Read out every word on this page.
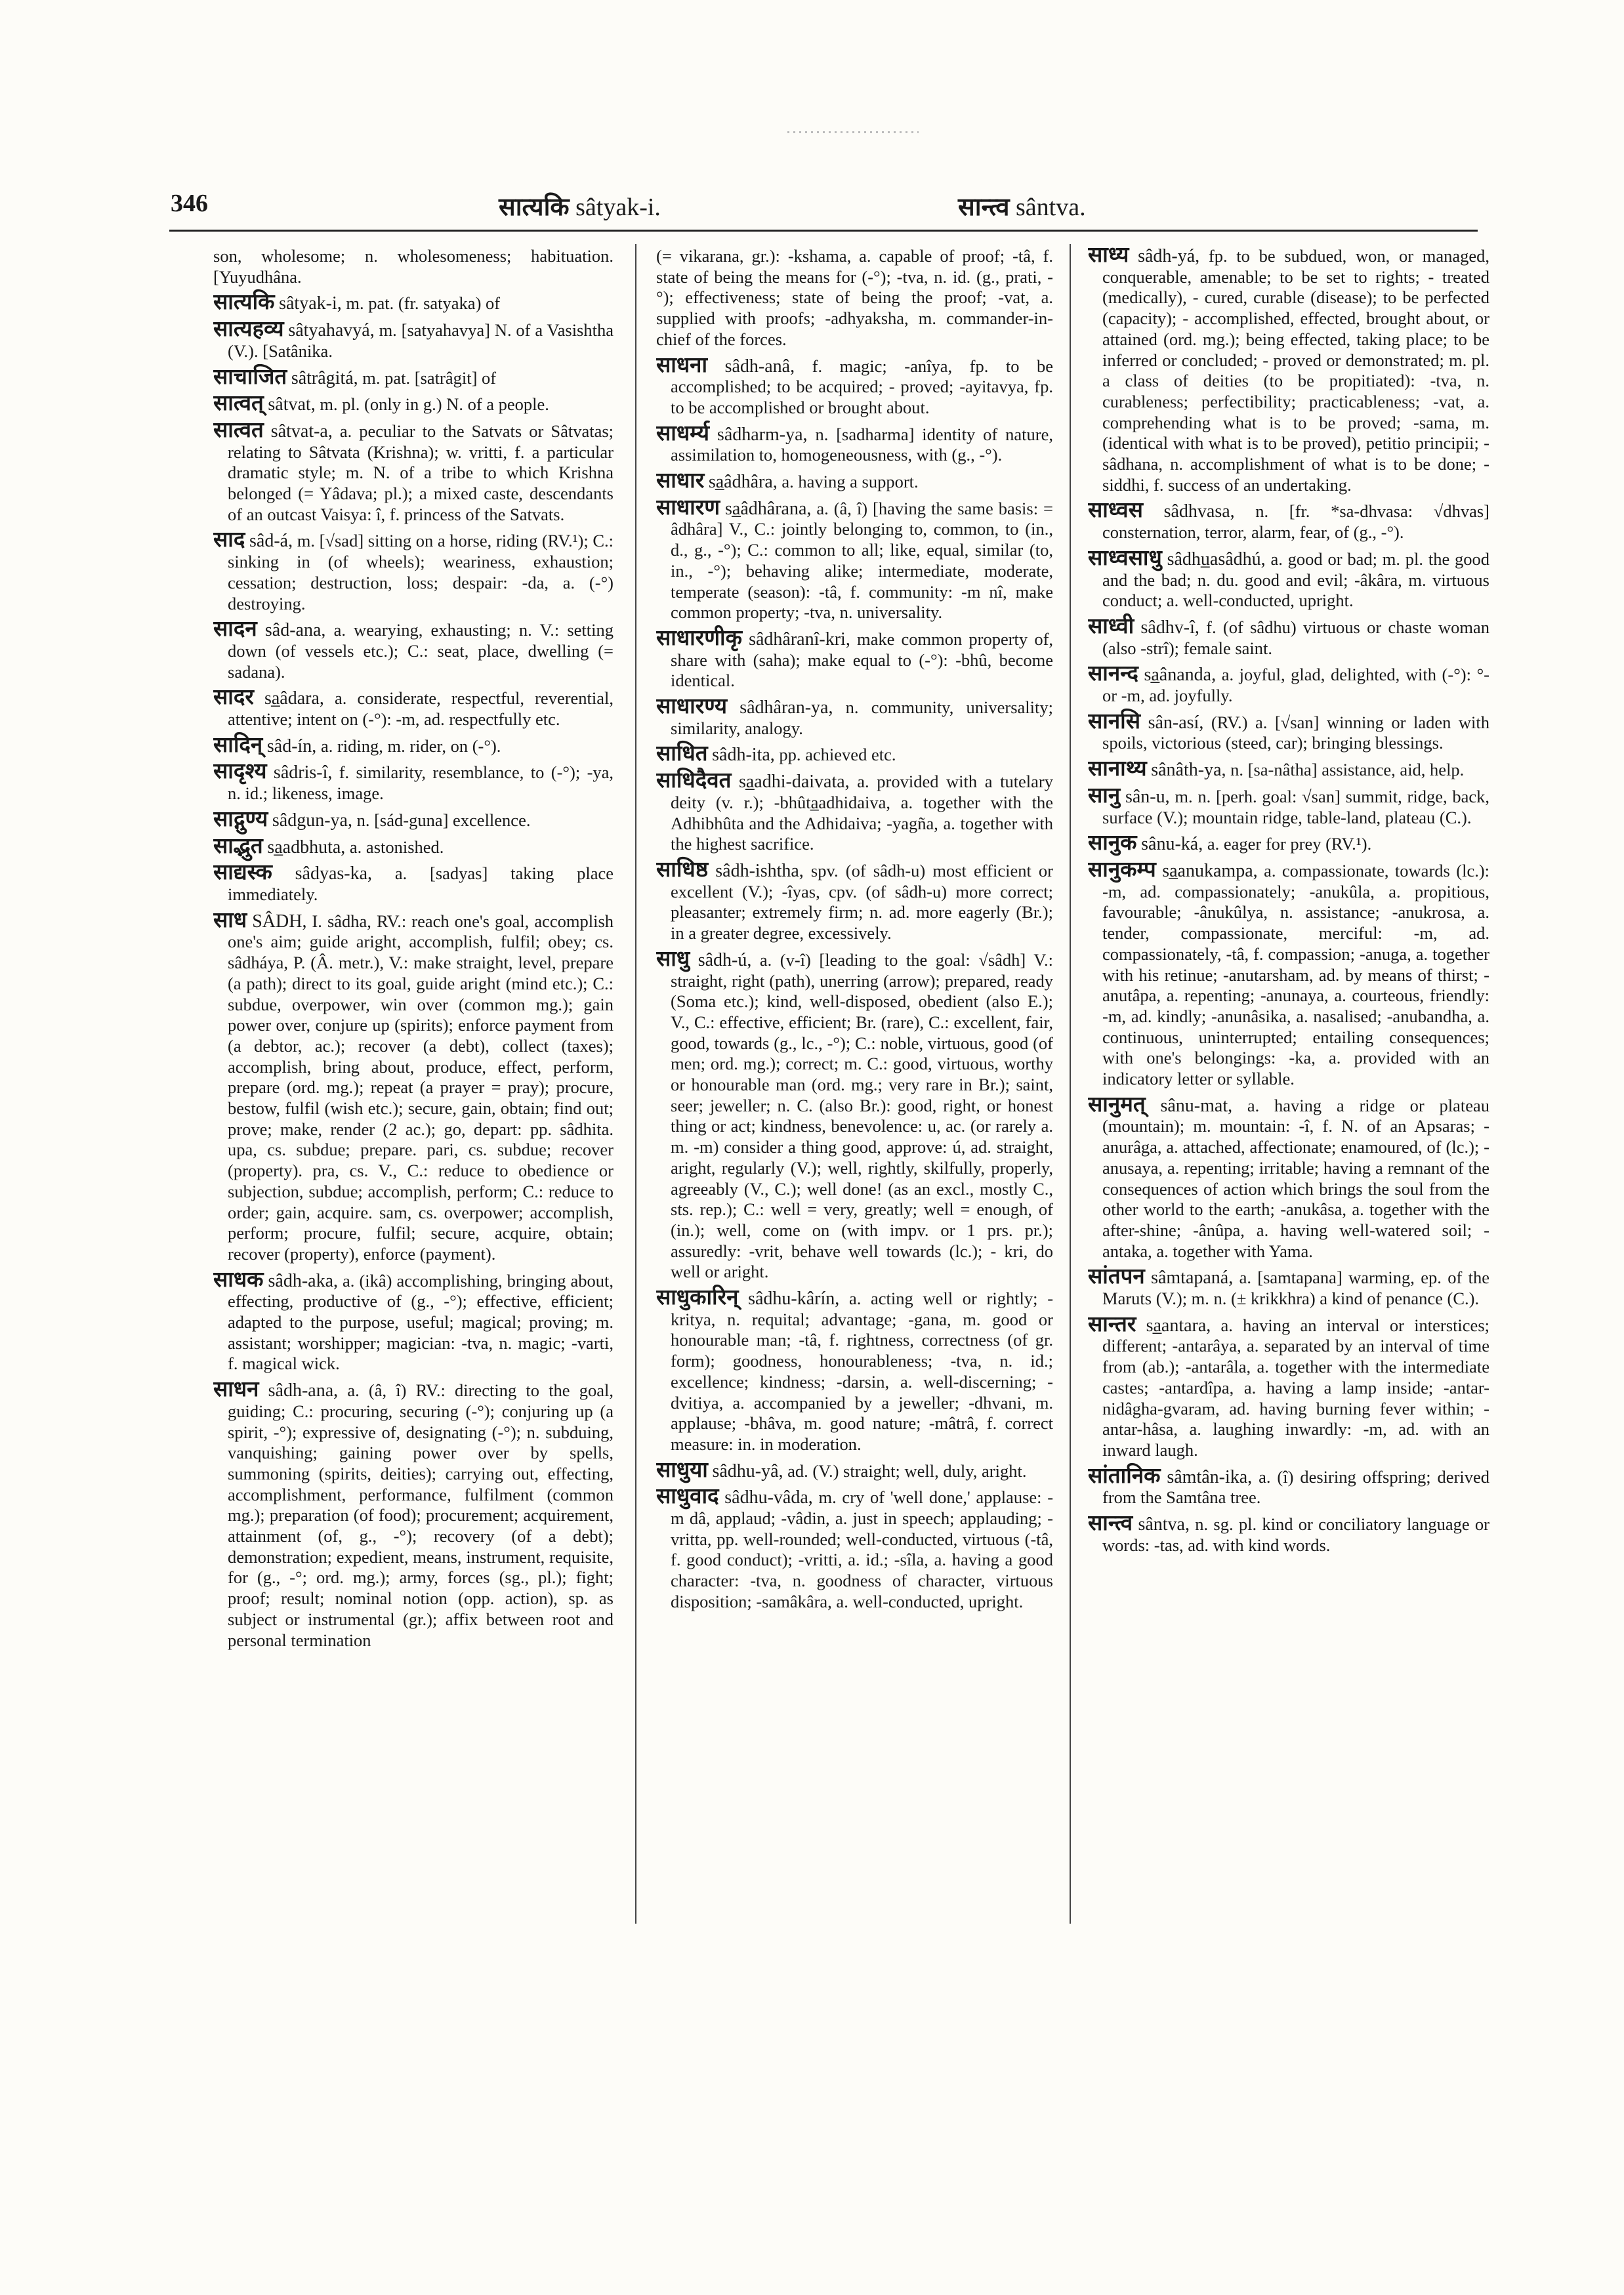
346	सात्यकि sâtyak-i.	सान्त्व sântva.

son, wholesome; n. wholesomeness; habituation. [Yuyudhâna.

सात्यकि sâtyak-i, m. pat. (fr. satyaka) of

सात्यहव्य sâtyahavyá, m. [satyahavya] N. of a Vasishtha (V.). [Satânika.

साचाजित sâtrâgitá, m. pat. [satrâgit] of

सात्वत् sâtvat, m. pl. (only in g.) N. of a people.

सात्वत sâtvat-a, a. peculiar to the Satvats or Sâtvatas; relating to Sâtvata (Krishna); w. vritti, f. a particular dramatic style; m. N. of a tribe to which Krishna belonged (= Yâdava; pl.); a mixed caste, descendants of an outcast Vaisya: î, f. princess of the Satvats.

साद sâd-á, m. [√sad] sitting on a horse, riding (RV.¹); C.: sinking in (of wheels); weariness, exhaustion; cessation; destruction, loss; despair: -da, a. (-°) destroying.

सादन sâd-ana, a. wearying, exhausting; n. V.: setting down (of vessels etc.); C.: seat, place, dwelling (= sadana).

सादर sa̲âdara, a. considerate, respectful, reverential, attentive; intent on (-°): -m, ad. respectfully etc.

सादिन् sâd-ín, a. riding, m. rider, on (-°).

सादृश्य sâdris-î, f. similarity, resemblance, to (-°); -ya, n. id.; likeness, image.

साद्गुण्य sâdgun-ya, n. [sád-guna] excellence.

साद्भुत sa̲adbhuta, a. astonished.

साद्यस्क sâdyas-ka, a. [sadyas] taking place immediately.

साध SÂDH, I. sâdha, RV.: reach one's goal, accomplish one's aim; guide aright, accomplish, fulfil; obey; cs. sâdháya, P. (Â. metr.), V.: make straight, level, prepare (a path); direct to its goal, guide aright (mind etc.); C.: subdue, overpower, win over (common mg.); gain power over, conjure up (spirits); enforce payment from (a debtor, ac.); recover (a debt), collect (taxes); accomplish, bring about, produce, effect, perform, prepare (ord. mg.); repeat (a prayer = pray); procure, bestow, fulfil (wish etc.); secure, gain, obtain; find out; prove; make, render (2 ac.); go, depart: pp. sâdhita. upa, cs. subdue; prepare. pari, cs. subdue; recover (property). pra, cs. V., C.: reduce to obedience or subjection, subdue; accomplish, perform; C.: reduce to order; gain, acquire. sam, cs. overpower; accomplish, perform; procure, fulfil; secure, acquire, obtain; recover (property), enforce (payment).

साधक sâdh-aka, a. (ikâ) accomplishing, bringing about, effecting, productive of (g., -°); effective, efficient; adapted to the purpose, useful; magical; proving; m. assistant; worshipper; magician: -tva, n. magic; -varti, f. magical wick.

साधन sâdh-ana, a. (â, î) RV.: directing to the goal, guiding; C.: procuring, securing (-°); conjuring up (a spirit, -°); expressive of, designating (-°); n. subduing, vanquishing; gaining power over by spells, summoning (spirits, deities); carrying out, effecting, accomplishment, performance, fulfilment (common mg.); preparation (of food); procurement; acquirement, attainment (of, g., -°); recovery (of a debt); demonstration; expedient, means, instrument, requisite, for (g., -°; ord. mg.); army, forces (sg., pl.); fight; proof; result; nominal notion (opp. action), sp. as subject or instrumental (gr.); affix between root and personal termination

(= vikarana, gr.): -kshama, a. capable of proof; -tâ, f. state of being the means for (-°); -tva, n. id. (g., prati, -°); effectiveness; state of being the proof; -vat, a. supplied with proofs; -adhyaksha, m. commander-in-chief of the forces.

साधना sâdh-anâ, f. magic; -anîya, fp. to be accomplished; to be acquired; - proved; -ayitavya, fp. to be accomplished or brought about.

साधर्म्य sâdharm-ya, n. [sadharma] identity of nature, assimilation to, homogeneousness, with (g., -°).

साधार sa̲âdhâra, a. having a support.

साधारण sa̲âdhârana, a. (â, î) [having the same basis: = âdhâra] V., C.: jointly belonging to, common, to (in., d., g., -°); C.: common to all; like, equal, similar (to, in., -°); behaving alike; intermediate, moderate, temperate (season): -tâ, f. community: -m nî, make common property; -tva, n. universality.

साधारणीकृ sâdhâranî-kri, make common property of, share with (saha); make equal to (-°): -bhû, become identical.

साधारण्य sâdhâran-ya, n. community, universality; similarity, analogy.

साधित sâdh-ita, pp. achieved etc.

साधिदैवत sa̲adhi-daivata, a. provided with a tutelary deity (v. r.); -bhûta̲adhidaiva, a. together with the Adhibhûta and the Adhidaiva; -yagña, a. together with the highest sacrifice.

साधिष्ठ sâdh-ishtha, spv. (of sâdh-u) most efficient or excellent (V.); -îyas, cpv. (of sâdh-u) more correct; pleasanter; extremely firm; n. ad. more eagerly (Br.); in a greater degree, excessively.

साधु sâdh-ú, a. (v-î) [leading to the goal: √sâdh] V.: straight, right (path), unerring (arrow); prepared, ready (Soma etc.); kind, well-disposed, obedient (also E.); V., C.: effective, efficient; Br. (rare), C.: excellent, fair, good, towards (g., lc., -°); C.: noble, virtuous, good (of men; ord. mg.); correct; m. C.: good, virtuous, worthy or honourable man (ord. mg.; very rare in Br.); saint, seer; jeweller; n. C. (also Br.): good, right, or honest thing or act; kindness, benevolence: u, ac. (or rarely a. m. -m) consider a thing good, approve: ú, ad. straight, aright, regularly (V.); well, rightly, skilfully, properly, agreeably (V., C.); well done! (as an excl., mostly C., sts. rep.); C.: well = very, greatly; well = enough, of (in.); well, come on (with impv. or 1 prs. pr.); assuredly: -vrit, behave well towards (lc.); - kri, do well or aright.

साधुकारिन् sâdhu-kârín, a. acting well or rightly; -kritya, n. requital; advantage; -gana, m. good or honourable man; -tâ, f. rightness, correctness (of gr. form); goodness, honourableness; -tva, n. id.; excellence; kindness; -darsin, a. well-discerning; -dvitiya, a. accompanied by a jeweller; -dhvani, m. applause; -bhâva, m. good nature; -mâtrâ, f. correct measure: in. in moderation.

साधुया sâdhu-yâ, ad. (V.) straight; well, duly, aright.

साधुवाद sâdhu-vâda, m. cry of 'well done,' applause: -m dâ, applaud; -vâdin, a. just in speech; applauding; -vritta, pp. well-rounded; well-conducted, virtuous (-tâ, f. good conduct); -vritti, a. id.; -sîla, a. having a good character: -tva, n. goodness of character, virtuous disposition; -samâkâra, a. well-conducted, upright.

साध्य sâdh-yá, fp. to be subdued, won, or managed, conquerable, amenable; to be set to rights; - treated (medically), - cured, curable (disease); to be perfected (capacity); - accomplished, effected, brought about, or attained (ord. mg.); being effected, taking place; to be inferred or concluded; - proved or demonstrated; m. pl. a class of deities (to be propitiated): -tva, n. curableness; perfectibility; practicableness; -vat, a. comprehending what is to be proved; -sama, m. (identical with what is to be proved), petitio principii; -sâdhana, n. accomplishment of what is to be done; -siddhi, f. success of an undertaking.

साध्वस sâdhvasa, n. [fr. *sa-dhvasa: √dhvas] consternation, terror, alarm, fear, of (g., -°).

साध्वसाधु sâdhu̲asâdhú, a. good or bad; m. pl. the good and the bad; n. du. good and evil; -âkâra, m. virtuous conduct; a. well-conducted, upright.

साध्वी sâdhv-î, f. (of sâdhu) virtuous or chaste woman (also -strî); female saint.

सानन्द sa̲ânanda, a. joyful, glad, delighted, with (-°): °- or -m, ad. joyfully.

सानसि sân-así, (RV.) a. [√san] winning or laden with spoils, victorious (steed, car); bringing blessings.

सानाथ्य sânâth-ya, n. [sa-nâtha] assistance, aid, help.

सानु sân-u, m. n. [perh. goal: √san] summit, ridge, back, surface (V.); mountain ridge, table-land, plateau (C.).

सानुक sânu-ká, a. eager for prey (RV.¹).

सानुकम्प sa̲anukampa, a. compassionate, towards (lc.): -m, ad. compassionately; -anukûla, a. propitious, favourable; -ânukûlya, n. assistance; -anukrosa, a. tender, compassionate, merciful: -m, ad. compassionately, -tâ, f. compassion; -anuga, a. together with his retinue; -anutarsham, ad. by means of thirst; -anutâpa, a. repenting; -anunaya, a. courteous, friendly: -m, ad. kindly; -anunâsika, a. nasalised; -anubandha, a. continuous, uninterrupted; entailing consequences; with one's belongings: -ka, a. provided with an indicatory letter or syllable.

सानुमत् sânu-mat, a. having a ridge or plateau (mountain); m. mountain: -î, f. N. of an Apsaras; -anurâga, a. attached, affectionate; enamoured, of (lc.); -anusaya, a. repenting; irritable; having a remnant of the consequences of action which brings the soul from the other world to the earth; -anukâsa, a. together with the after-shine; -ânûpa, a. having well-watered soil; -antaka, a. together with Yama.

सांतपन sâmtapaná, a. [samtapana] warming, ep. of the Maruts (V.); m. n. (± krikkhra) a kind of penance (C.).

सान्तर sa̲antara, a. having an interval or interstices; different; -antarâya, a. separated by an interval of time from (ab.); -antarâla, a. together with the intermediate castes; -antardîpa, a. having a lamp inside; -antar-nidâgha-gvaram, ad. having burning fever within; -antar-hâsa, a. laughing inwardly: -m, ad. with an inward laugh.

सांतानिक sâmtân-ika, a. (î) desiring offspring; derived from the Samtâna tree.

सान्त्व sântva, n. sg. pl. kind or conciliatory language or words: -tas, ad. with kind words.
